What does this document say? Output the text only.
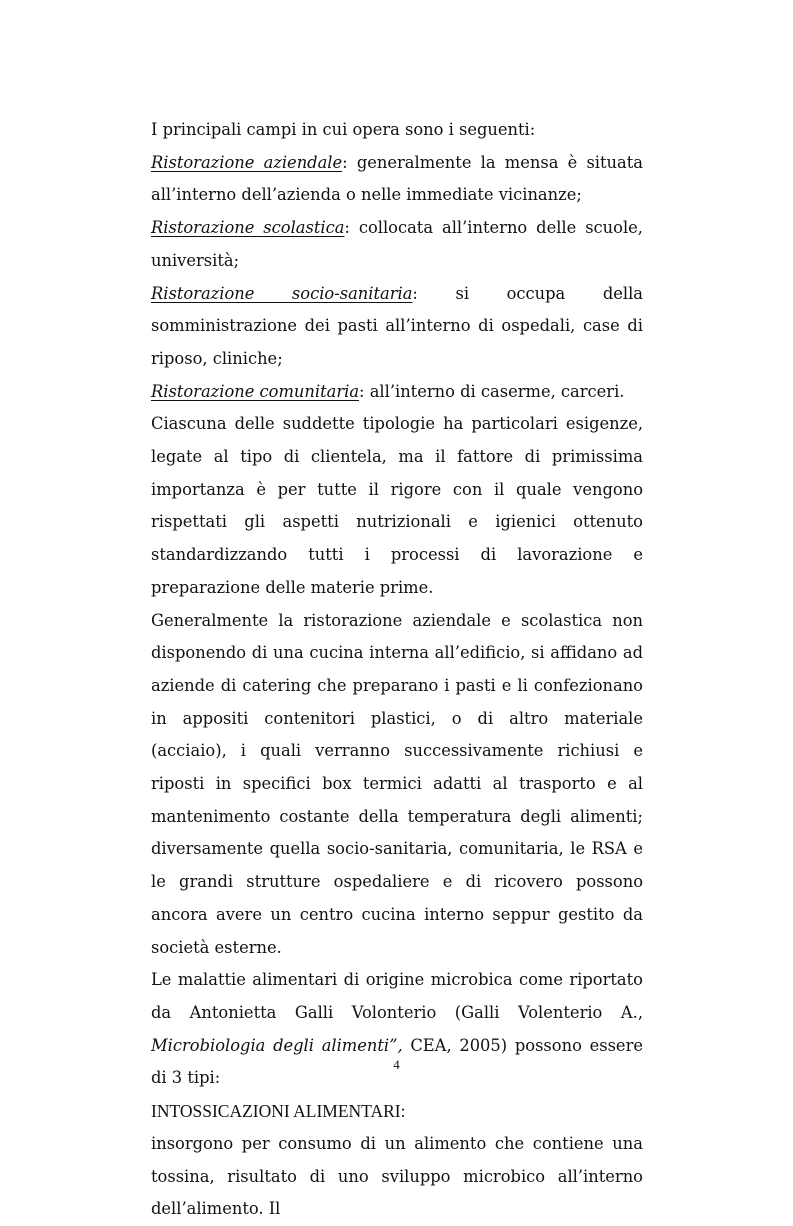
I principali campi in cui opera sono i seguenti:

Ristorazione aziendale: generalmente la mensa è situata all’interno dell’azienda o nelle immediate vicinanze;

Ristorazione scolastica: collocata all’interno delle scuole, università;

Ristorazione socio-sanitaria: si occupa della somministrazione dei pasti all’interno di ospedali, case di riposo, cliniche;

Ristorazione comunitaria: all’interno di caserme, carceri.

Ciascuna delle suddette tipologie ha particolari esigenze, legate al tipo di clientela, ma il fattore di primissima importanza è per tutte il rigore con il quale vengono rispettati gli aspetti nutrizionali e igienici ottenuto standardizzando tutti i processi di lavorazione e preparazione delle materie prime.

Generalmente la ristorazione aziendale e scolastica non disponendo di una cucina interna all’edificio, si affidano ad aziende di catering che preparano i pasti e li confezionano in appositi contenitori plastici, o di altro materiale (acciaio), i quali verranno successivamente richiusi e riposti in specifici box termici adatti al trasporto e al mantenimento costante della temperatura degli alimenti; diversamente quella socio-sanitaria, comunitaria, le RSA e le grandi strutture ospedaliere e di ricovero possono ancora avere un centro cucina interno seppur gestito da società esterne.

Le malattie alimentari di origine microbica come riportato da Antonietta Galli Volonterio (Galli Volenterio A., Microbiologia degli alimenti”, CEA, 2005) possono essere di 3 tipi:

INTOSSICAZIONI ALIMENTARI:

insorgono per consumo di un alimento che contiene una tossina, risultato di uno sviluppo microbico all’interno dell’alimento. Il

4
